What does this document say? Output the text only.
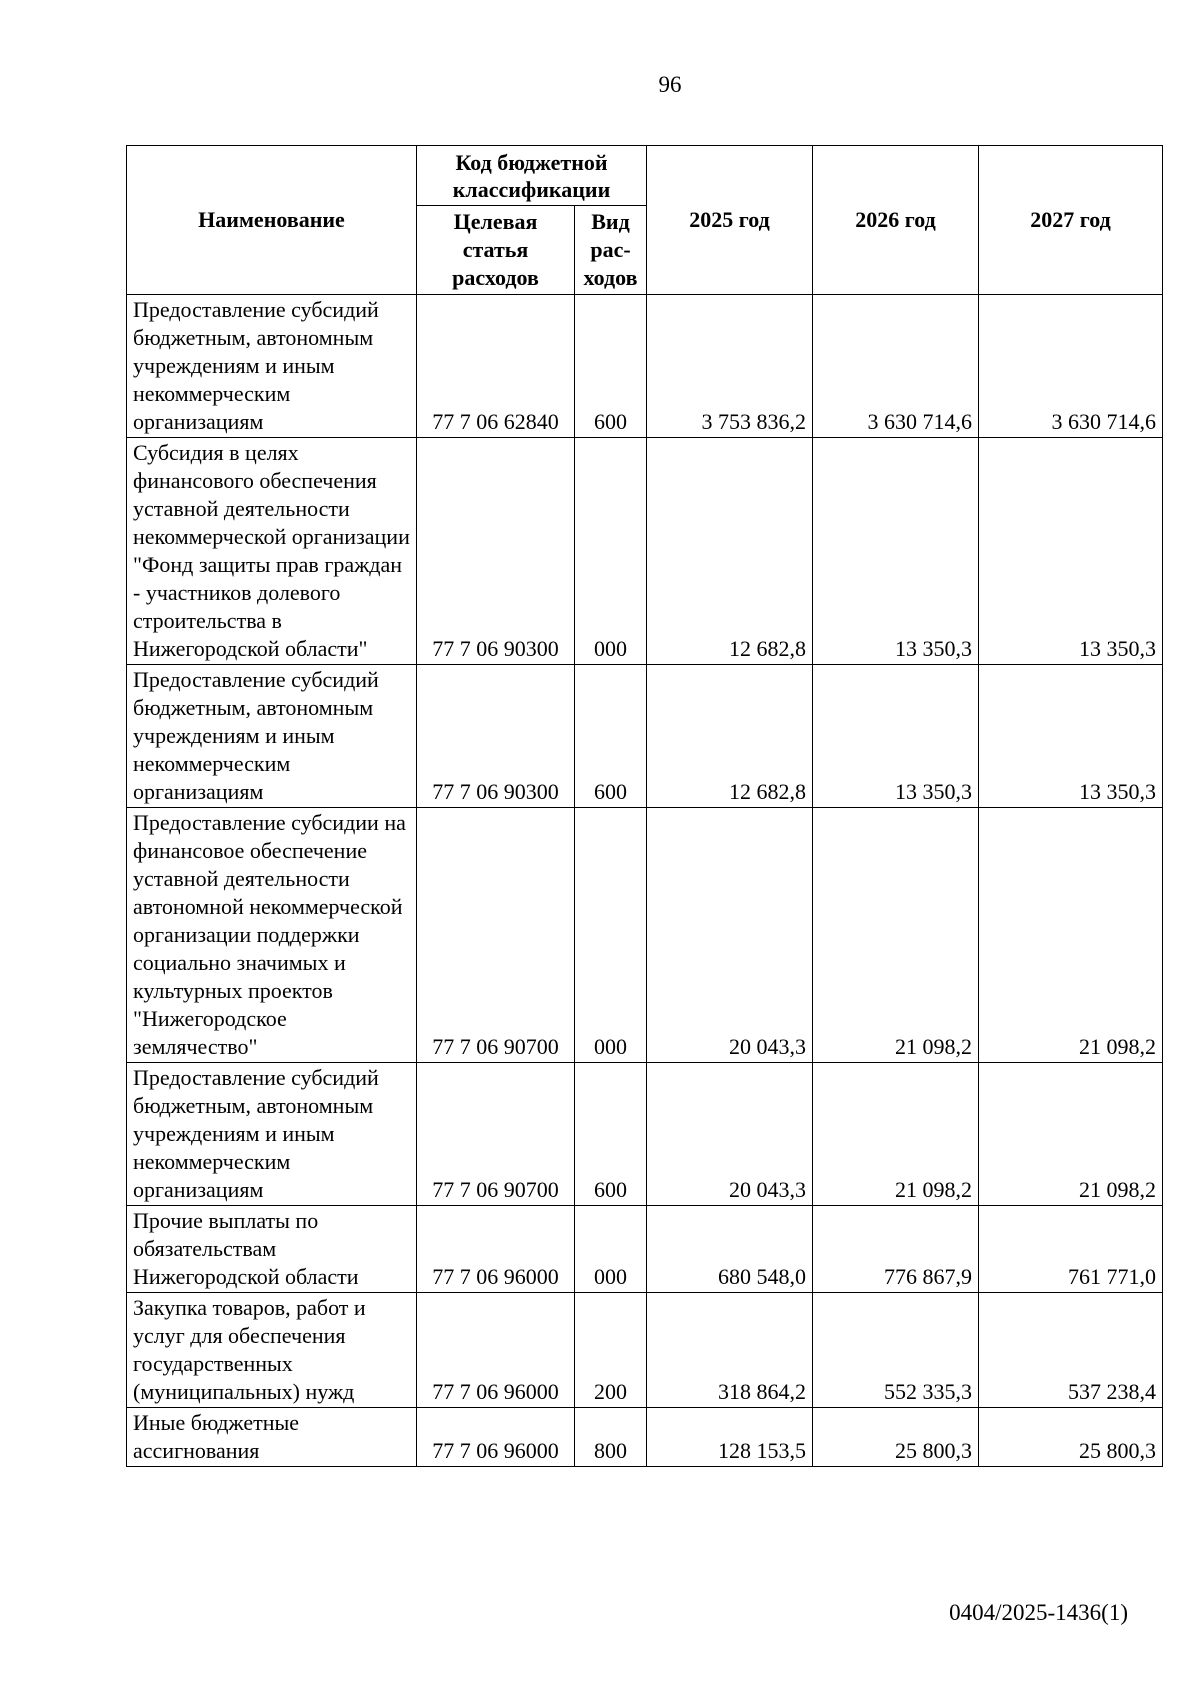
96
Наименование	Код бюджетной классификации		2025 год	2026 год	2027 год
	Целевая статья расходов	Вид рас-ходов			
Предоставление субсидий бюджетным, автономным учреждениям и иным некоммерческим организациям	77 7 06 62840	600	3 753 836,2	3 630 714,6	3 630 714,6
Субсидия в целях финансового обеспечения уставной деятельности некоммерческой организации "Фонд защиты прав граждан - участников долевого строительства в Нижегородской области"	77 7 06 90300	000	12 682,8	13 350,3	13 350,3
Предоставление субсидий бюджетным, автономным учреждениям и иным некоммерческим организациям	77 7 06 90300	600	12 682,8	13 350,3	13 350,3
Предоставление субсидии на финансовое обеспечение уставной деятельности автономной некоммерческой организации поддержки социально значимых и культурных проектов "Нижегородское землячество"	77 7 06 90700	000	20 043,3	21 098,2	21 098,2
Предоставление субсидий бюджетным, автономным учреждениям и иным некоммерческим организациям	77 7 06 90700	600	20 043,3	21 098,2	21 098,2
Прочие выплаты по обязательствам Нижегородской области	77 7 06 96000	000	680 548,0	776 867,9	761 771,0
Закупка товаров, работ и услуг для обеспечения государственных (муниципальных) нужд	77 7 06 96000	200	318 864,2	552 335,3	537 238,4
Иные бюджетные ассигнования	77 7 06 96000	800	128 153,5	25 800,3	25 800,3
0404/2025-1436(1)
